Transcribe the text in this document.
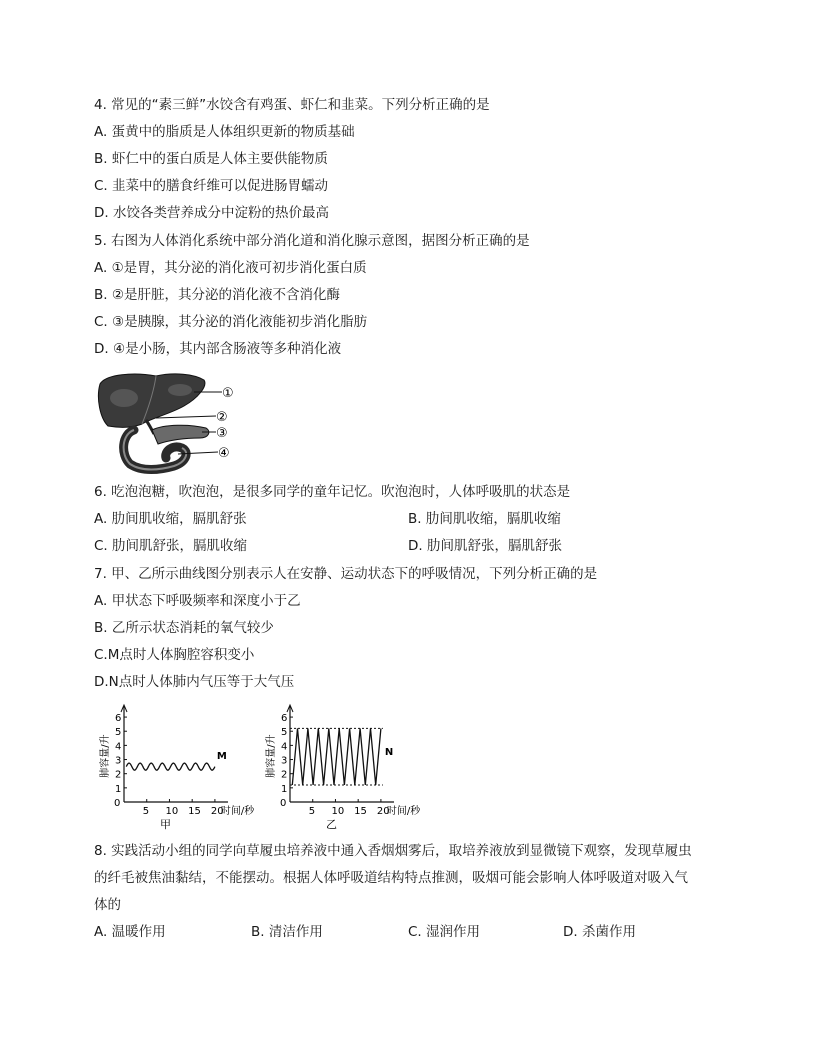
4. 常见的“素三鲜”水饺含有鸡蛋、虾仁和韭菜。下列分析正确的是
A. 蛋黄中的脂质是人体组织更新的物质基础
B. 虾仁中的蛋白质是人体主要供能物质
C. 韭菜中的膳食纤维可以促进肠胃蠕动
D. 水饺各类营养成分中淀粉的热价最高
5. 右图为人体消化系统中部分消化道和消化腺示意图，据图分析正确的是
A. ①是胃，其分泌的消化液可初步消化蛋白质
B. ②是肝脏，其分泌的消化液不含消化酶
C. ③是胰腺，其分泌的消化液能初步消化脂肪
D. ④是小肠，其内部含肠液等多种消化液
①
②
③
④
6. 吃泡泡糖，吹泡泡，是很多同学的童年记忆。吹泡泡时，人体呼吸肌的状态是
A. 肋间肌收缩，膈肌舒张	B. 肋间肌收缩，膈肌收缩
C. 肋间肌舒张，膈肌收缩	D. 肋间肌舒张，膈肌舒张
7. 甲、乙所示曲线图分别表示人在安静、运动状态下的呼吸情况，下列分析正确的是
A. 甲状态下呼吸频率和深度小于乙
B. 乙所示状态消耗的氧气较少
C.M点时人体胸腔容积变小
D.N点时人体肺内气压等于大气压
0
1
2
3
4
5
6
5 10 15 20
时间/秒
肺容量/升
甲
M
0
1
2
3
4
5
6
5 10 15 20
时间/秒
肺容量/升
乙
N
8. 实践活动小组的同学向草履虫培养液中通入香烟烟雾后，取培养液放到显微镜下观察，发现草履虫
的纤毛被焦油黏结，不能摆动。根据人体呼吸道结构特点推测，吸烟可能会影响人体呼吸道对吸入气
体的
A. 温暖作用	B. 清洁作用	C. 湿润作用	D. 杀菌作用
